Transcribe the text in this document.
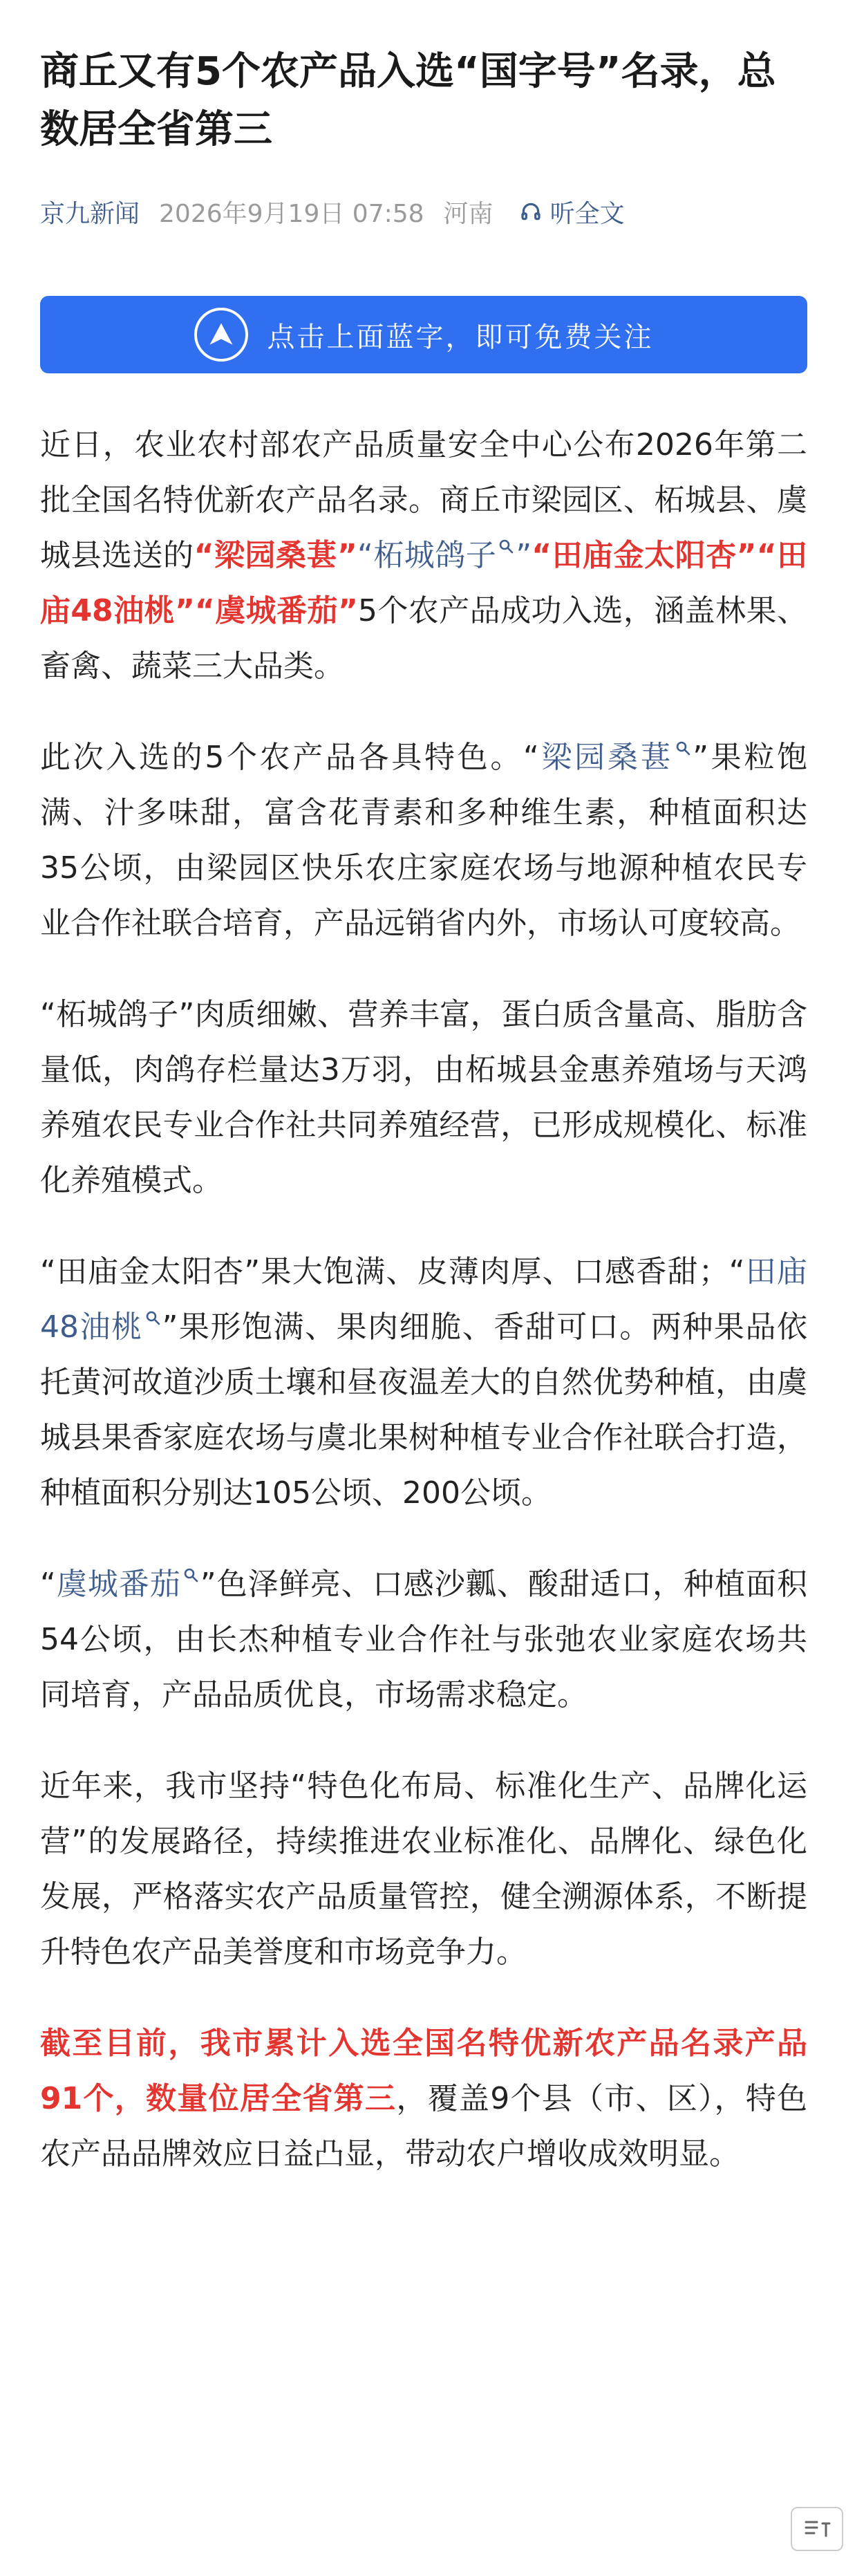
商丘又有5个农产品入选“国字号”名录，总数居全省第三
京九新闻 2026年9月19日 07:58 河南 听全文
点击上面蓝字，即可免费关注

近日，农业农村部农产品质量安全中心公布2026年第二批全国名特优新农产品名录。商丘市梁园区、柘城县、虞城县选送的“梁园桑葚”“柘城鸽子 ”“田庙金太阳杏”“田庙48油桃”“虞城番茄”5个农产品成功入选，涵盖林果、畜禽、蔬菜三大品类。

此次入选的5个农产品各具特色。“梁园桑葚 ”果粒饱满、汁多味甜，富含花青素和多种维生素，种植面积达35公顷，由梁园区快乐农庄家庭农场与地源种植农民专业合作社联合培育，产品远销省内外，市场认可度较高。

“柘城鸽子”肉质细嫩、营养丰富，蛋白质含量高、脂肪含量低，肉鸽存栏量达3万羽，由柘城县金惠养殖场与天鸿养殖农民专业合作社共同养殖经营，已形成规模化、标准化养殖模式。

“田庙金太阳杏”果大饱满、皮薄肉厚、口感香甜；“田庙48油桃 ”果形饱满、果肉细脆、香甜可口。两种果品依托黄河故道沙质土壤和昼夜温差大的自然优势种植，由虞城县果香家庭农场与虞北果树种植专业合作社联合打造，种植面积分别达105公顷、200公顷。

“虞城番茄 ”色泽鲜亮、口感沙瓤、酸甜适口，种植面积54公顷，由长杰种植专业合作社与张弛农业家庭农场共同培育，产品品质优良，市场需求稳定。

近年来，我市坚持“特色化布局、标准化生产、品牌化运营”的发展路径，持续推进农业标准化、品牌化、绿色化发展，严格落实农产品质量管控，健全溯源体系，不断提升特色农产品美誉度和市场竞争力。

截至目前，我市累计入选全国名特优新农产品名录产品91个，数量位居全省第三，覆盖9个县（市、区），特色农产品品牌效应日益凸显，带动农户增收成效明显。
